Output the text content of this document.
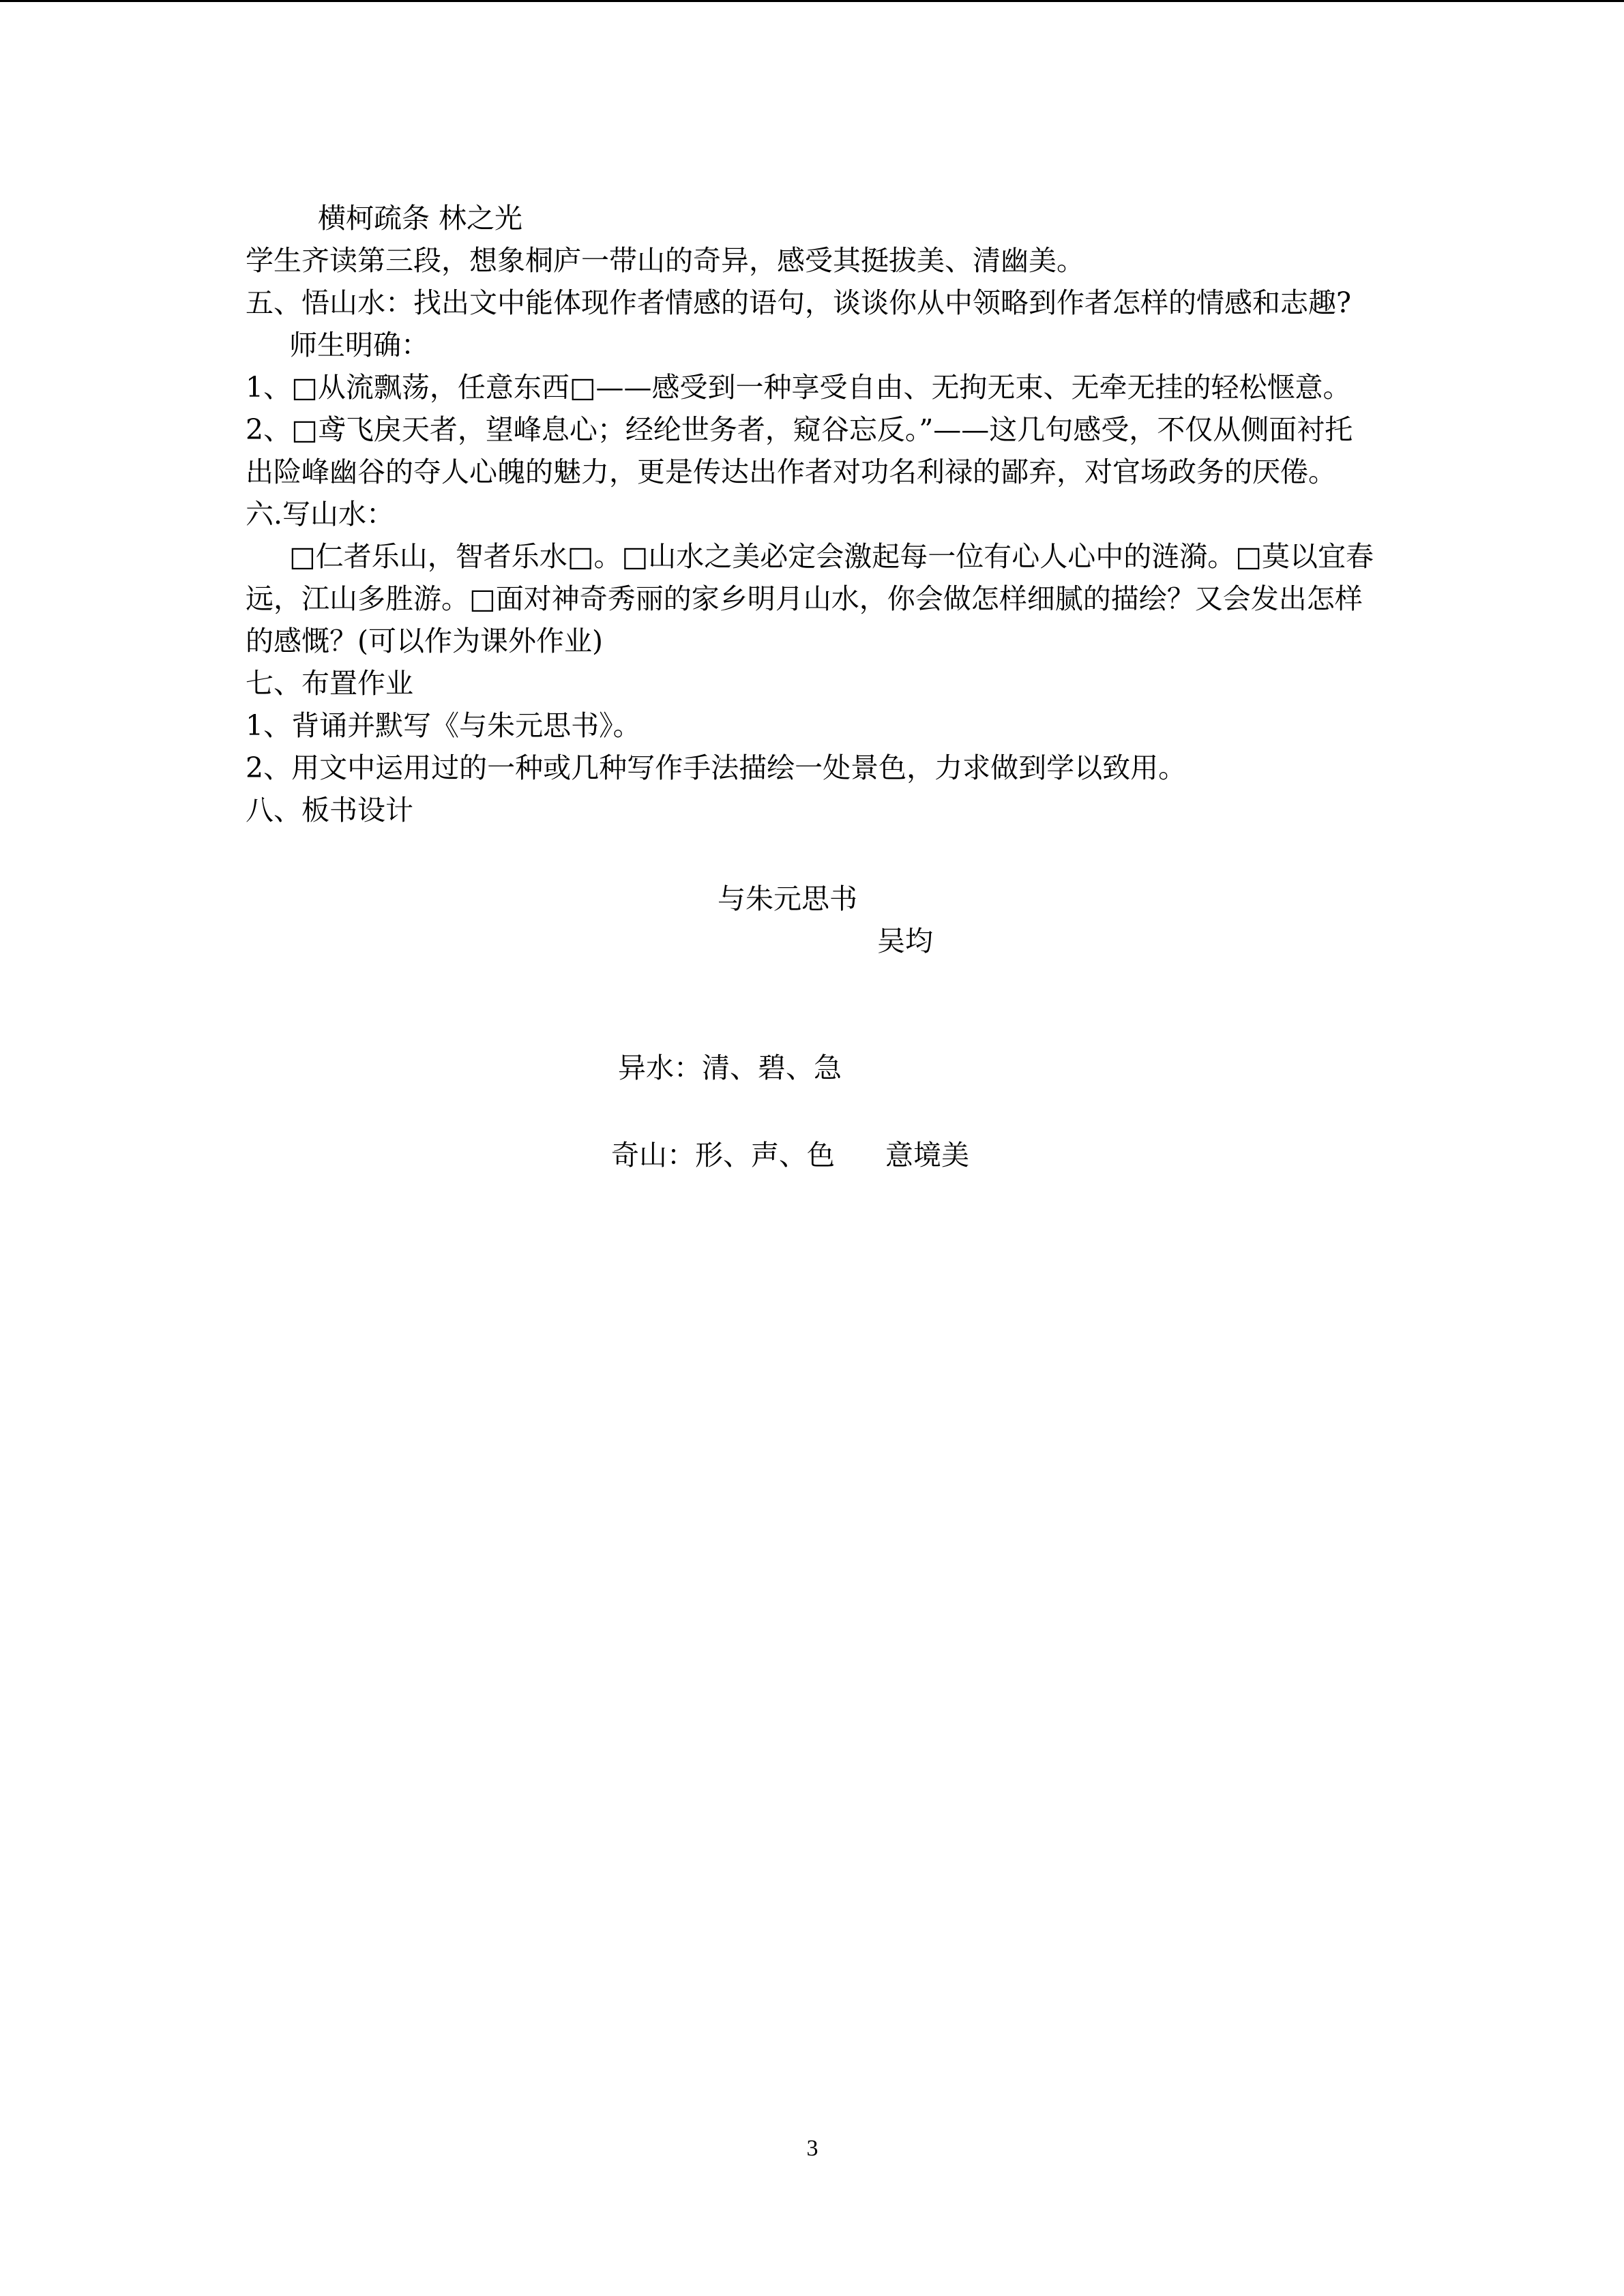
横柯疏条 林之光
学生齐读第三段，想象桐庐一带山的奇异，感受其挺拔美、清幽美。
五、悟山水：找出文中能体现作者情感的语句，谈谈你从中领略到作者怎样的情感和志趣?
师生明确：
1、□从流飘荡，任意东西□——感受到一种享受自由、无拘无束、无牵无挂的轻松惬意。
2、□鸢飞戾天者，望峰息心；经纶世务者，窥谷忘反。”——这几句感受，不仅从侧面衬托
出险峰幽谷的夺人心魄的魅力，更是传达出作者对功名利禄的鄙弃，对官场政务的厌倦。
六.写山水：
□仁者乐山，智者乐水□。□山水之美必定会激起每一位有心人心中的涟漪。□莫以宜春
远，江山多胜游。□面对神奇秀丽的家乡明月山水，你会做怎样细腻的描绘？又会发出怎样
的感慨？(可以作为课外作业)
七、布置作业
1、背诵并默写《与朱元思书》。
2、用文中运用过的一种或几种写作手法描绘一处景色，力求做到学以致用。
八、板书设计
与朱元思书
吴均
异水：清、碧、急
奇山：形、声、色 意境美
3
